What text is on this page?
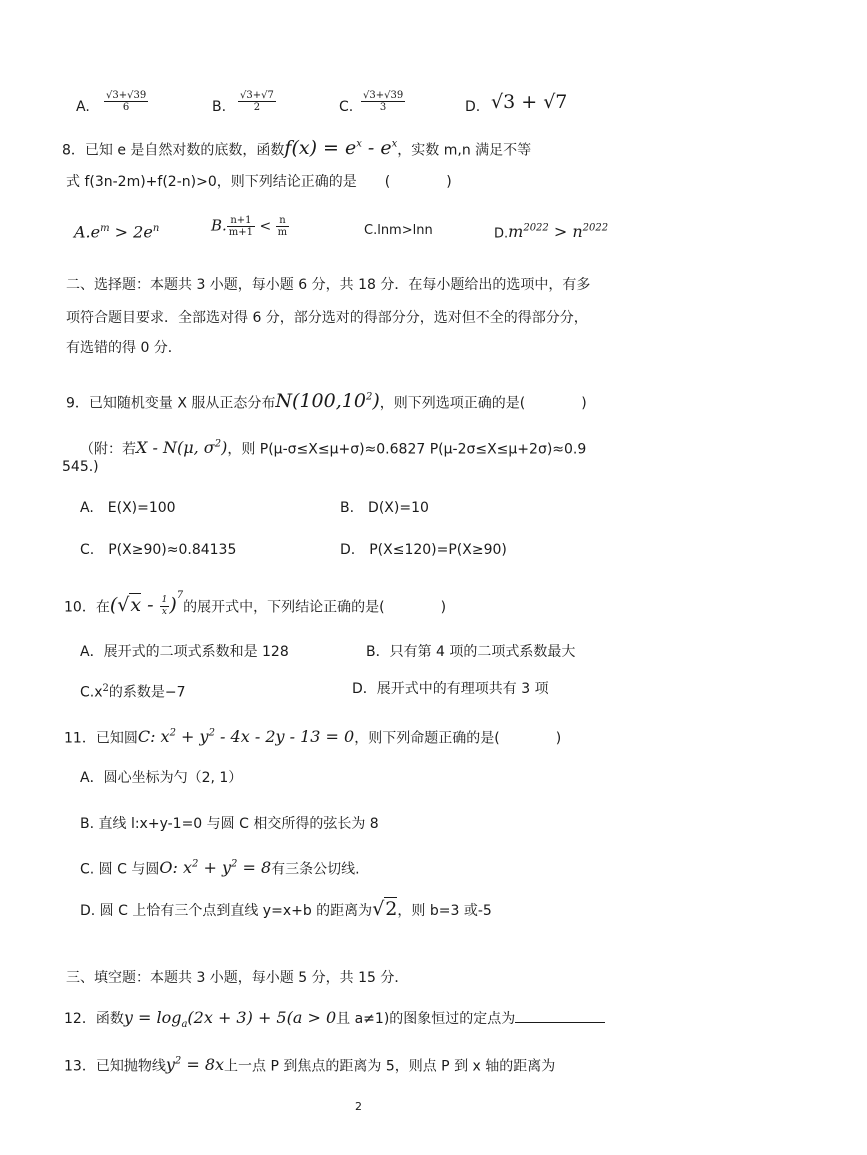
A. $\frac{√3+√39}{6}$	B. $\frac{√3+√7}{2}$	C. $\frac{√3+√39}{3}$	D. √3 + √7
8．已知 e 是自然对数的底数，函数$f(x) = e^x - e^x$，实数 m,n 满足不等
式 f(3n-2m)+f(2-n)>0，则下列结论正确的是　　(　　　　)
$A.e^m > 2e^n$	B. $\frac{n+1}{m+1} < \frac{n}{m}$	C.lnm>lnn	$D.m^{2022} > n^{2022}$
二、选择题：本题共 3 小题，每小题 6 分，共 18 分．在每小题给出的选项中，有多
项符合题目要求．全部选对得 6 分，部分选对的得部分分，选对但不全的得部分分，
有选错的得 0 分．
9．已知随机变量 X 服从正态分布N(100,10$^2$)，则下列选项正确的是(　　　　)
（附：若X - N(μ, $\sigma^2$)，则 P(μ-σ≤X≤μ+σ)≈0.6827 P(μ-2σ≤X≤μ+2σ)≈0.9
545.)
A.　E(X)=100	B.　D(X)=10
C.　P(X≥90)≈0.84135	D.　P(X≤120)=P(X≥90)
10．在$(√x - \frac{1}{x} )^7$的展开式中，下列结论正确的是(　　　　)
A．展开式的二项式系数和是 128	B．只有第 4 项的二项式系数最大
$C.x^2$的系数是−7	D．展开式中的有理项共有 3 项
11．已知圆C: $x^2 + y^2 - 4x - 2y - 13 = 0$，则下列命题正确的是(　　　　)
A．圆心坐标为勺（2, 1）
B. 直线 l:x+y-1=0 与圆 C 相交所得的弦长为 8
C. 圆 C 与圆O: $x^2 + y^2 = 8$有三条公切线.
D. 圆 C 上恰有三个点到直线 y=x+b 的距离为√2，则 b=3 或-5
三、填空题：本题共 3 小题，每小题 5 分，共 15 分．
12．函数$y = \log_a(2x + 3) + 5(a > 0$且 a≠1)的图象恒过的定点为
13．已知抛物线$y^2 = 8x$上一点 P 到焦点的距离为 5，则点 P 到 x 轴的距离为
2
